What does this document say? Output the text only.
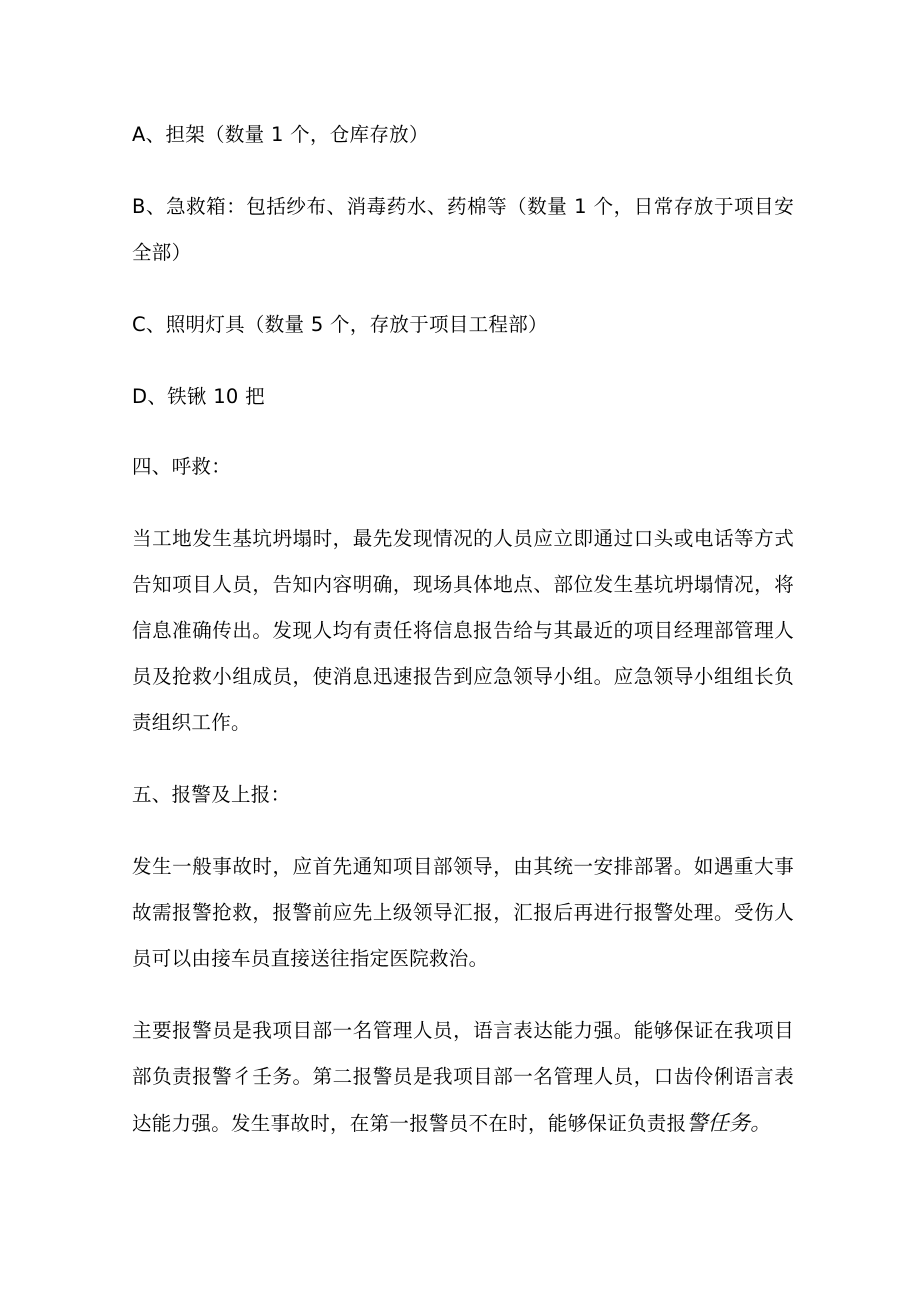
A、担架（数量 1 个，仓库存放）

B、急救箱：包括纱布、消毒药水、药棉等（数量 1 个，日常存放于项目安全部）

C、照明灯具（数量 5 个，存放于项目工程部）

D、铁锹 10 把

四、呼救：

当工地发生基坑坍塌时，最先发现情况的人员应立即通过口头或电话等方式告知项目人员，告知内容明确，现场具体地点、部位发生基坑坍塌情况，将信息准确传出。发现人均有责任将信息报告给与其最近的项目经理部管理人员及抢救小组成员，使消息迅速报告到应急领导小组。应急领导小组组长负责组织工作。

五、报警及上报：

发生一般事故时，应首先通知项目部领导，由其统一安排部署。如遇重大事故需报警抢救，报警前应先上级领导汇报，汇报后再进行报警处理。受伤人员可以由接车员直接送往指定医院救治。

主要报警员是我项目部一名管理人员，语言表达能力强。能够保证在我项目部负责报警彳壬务。第二报警员是我项目部一名管理人员，口齿伶俐语言表达能力强。发生事故时，在第一报警员不在时，能够保证负责报警任务。
